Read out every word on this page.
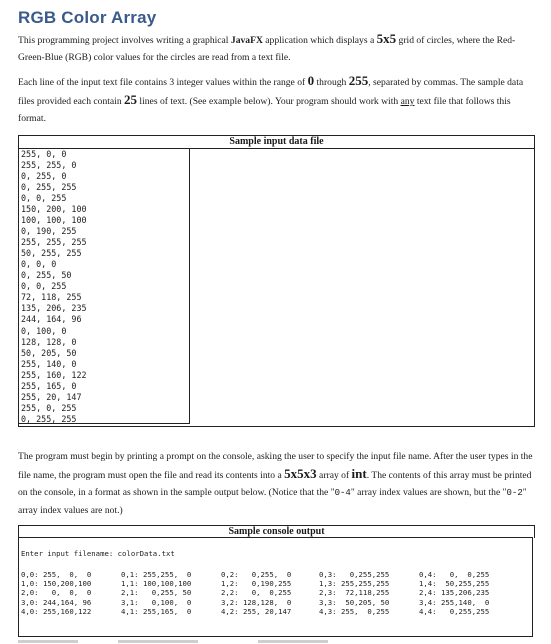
RGB Color Array
This programming project involves writing a graphical JavaFX application which displays a 5x5 grid of circles, where the Red-Green-Blue (RGB) color values for the circles are read from a text file.
Each line of the input text file contains 3 integer values within the range of 0 through 255, separated by commas. The sample data files provided each contain 25 lines of text. (See example below). Your program should work with any text file that follows this format.
Sample input data file
255, 0, 0
255, 255, 0
0, 255, 0
0, 255, 255
0, 0, 255
150, 200, 100
100, 100, 100
0, 190, 255
255, 255, 255
50, 255, 255
0, 0, 0
0, 255, 50
0, 0, 255
72, 118, 255
135, 206, 235
244, 164, 96
0, 100, 0
128, 128, 0
50, 205, 50
255, 140, 0
255, 160, 122
255, 165, 0
255, 20, 147
255, 0, 255
0, 255, 255
The program must begin by printing a prompt on the console, asking the user to specify the input file name. After the user types in the file name, the program must open the file and read its contents into a 5x5x3 array of int. The contents of this array must be printed on the console, in a format as shown in the sample output below. (Notice that the "0-4" array index values are shown, but the "0-2" array index values are not.)
Sample console output
Enter input filename: colorData.txt
0,0: 255,  0,  0
1,0: 150,200,100
2,0:   0,  0,  0
3,0: 244,164, 96
4,0: 255,160,122
0,1: 255,255,  0
1,1: 100,100,100
2,1:   0,255, 50
3,1:   0,100,  0
4,1: 255,165,  0
0,2:   0,255,  0
1,2:   0,190,255
2,2:   0,  0,255
3,2: 128,128,  0
4,2: 255, 20,147
0,3:   0,255,255
1,3: 255,255,255
2,3:  72,118,255
3,3:  50,205, 50
4,3: 255,  0,255
0,4:   0,  0,255
1,4:  50,255,255
2,4: 135,206,235
3,4: 255,140,  0
4,4:   0,255,255
